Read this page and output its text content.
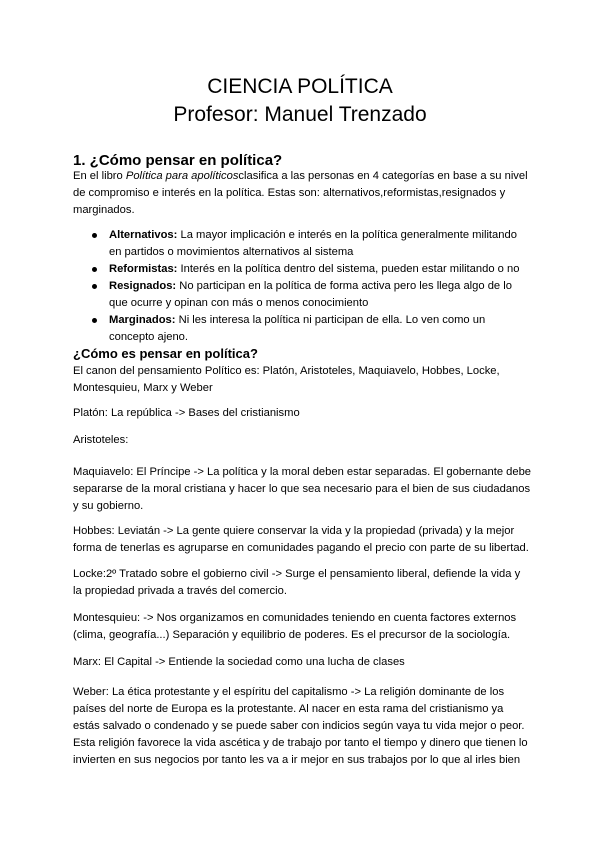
CIENCIA POLÍTICA
Profesor: Manuel Trenzado
1. ¿Cómo pensar en política?
En el libro Política para apolíticosclasifica a las personas en 4 categorías en base a su nivel
de compromiso e interés en la política. Estas son: alternativos,reformistas,resignados y
marginados.
Alternativos: La mayor implicación e interés en la política generalmente militando
en partidos o movimientos alternativos al sistema
Reformistas: Interés en la política dentro del sistema, pueden estar militando o no
Resignados: No participan en la política de forma activa pero les llega algo de lo
que ocurre y opinan con más o menos conocimiento
Marginados: Ni les interesa la política ni participan de ella. Lo ven como un
concepto ajeno.
¿Cómo es pensar en política?
El canon del pensamiento Político es: Platón, Aristoteles, Maquiavelo, Hobbes, Locke,
Montesquieu, Marx y Weber
Platón: La república -> Bases del cristianismo
Aristoteles:
Maquiavelo: El Príncipe -> La política y la moral deben estar separadas. El gobernante debe
separarse de la moral cristiana y hacer lo que sea necesario para el bien de sus ciudadanos
y su gobierno.
Hobbes: Leviatán -> La gente quiere conservar la vida y la propiedad (privada) y la mejor
forma de tenerlas es agruparse en comunidades pagando el precio con parte de su libertad.
Locke:2º Tratado sobre el gobierno civil -> Surge el pensamiento liberal, defiende la vida y
la propiedad privada a través del comercio.
Montesquieu: -> Nos organizamos en comunidades teniendo en cuenta factores externos
(clima, geografía...) Separación y equilibrio de poderes. Es el precursor de la sociología.
Marx: El Capital -> Entiende la sociedad como una lucha de clases
Weber: La ética protestante y el espíritu del capitalismo -> La religión dominante de los
países del norte de Europa es la protestante. Al nacer en esta rama del cristianismo ya
estás salvado o condenado y se puede saber con indicios según vaya tu vida mejor o peor.
Esta religión favorece la vida ascética y de trabajo por tanto el tiempo y dinero que tienen lo
invierten en sus negocios por tanto les va a ir mejor en sus trabajos por lo que al irles bien
